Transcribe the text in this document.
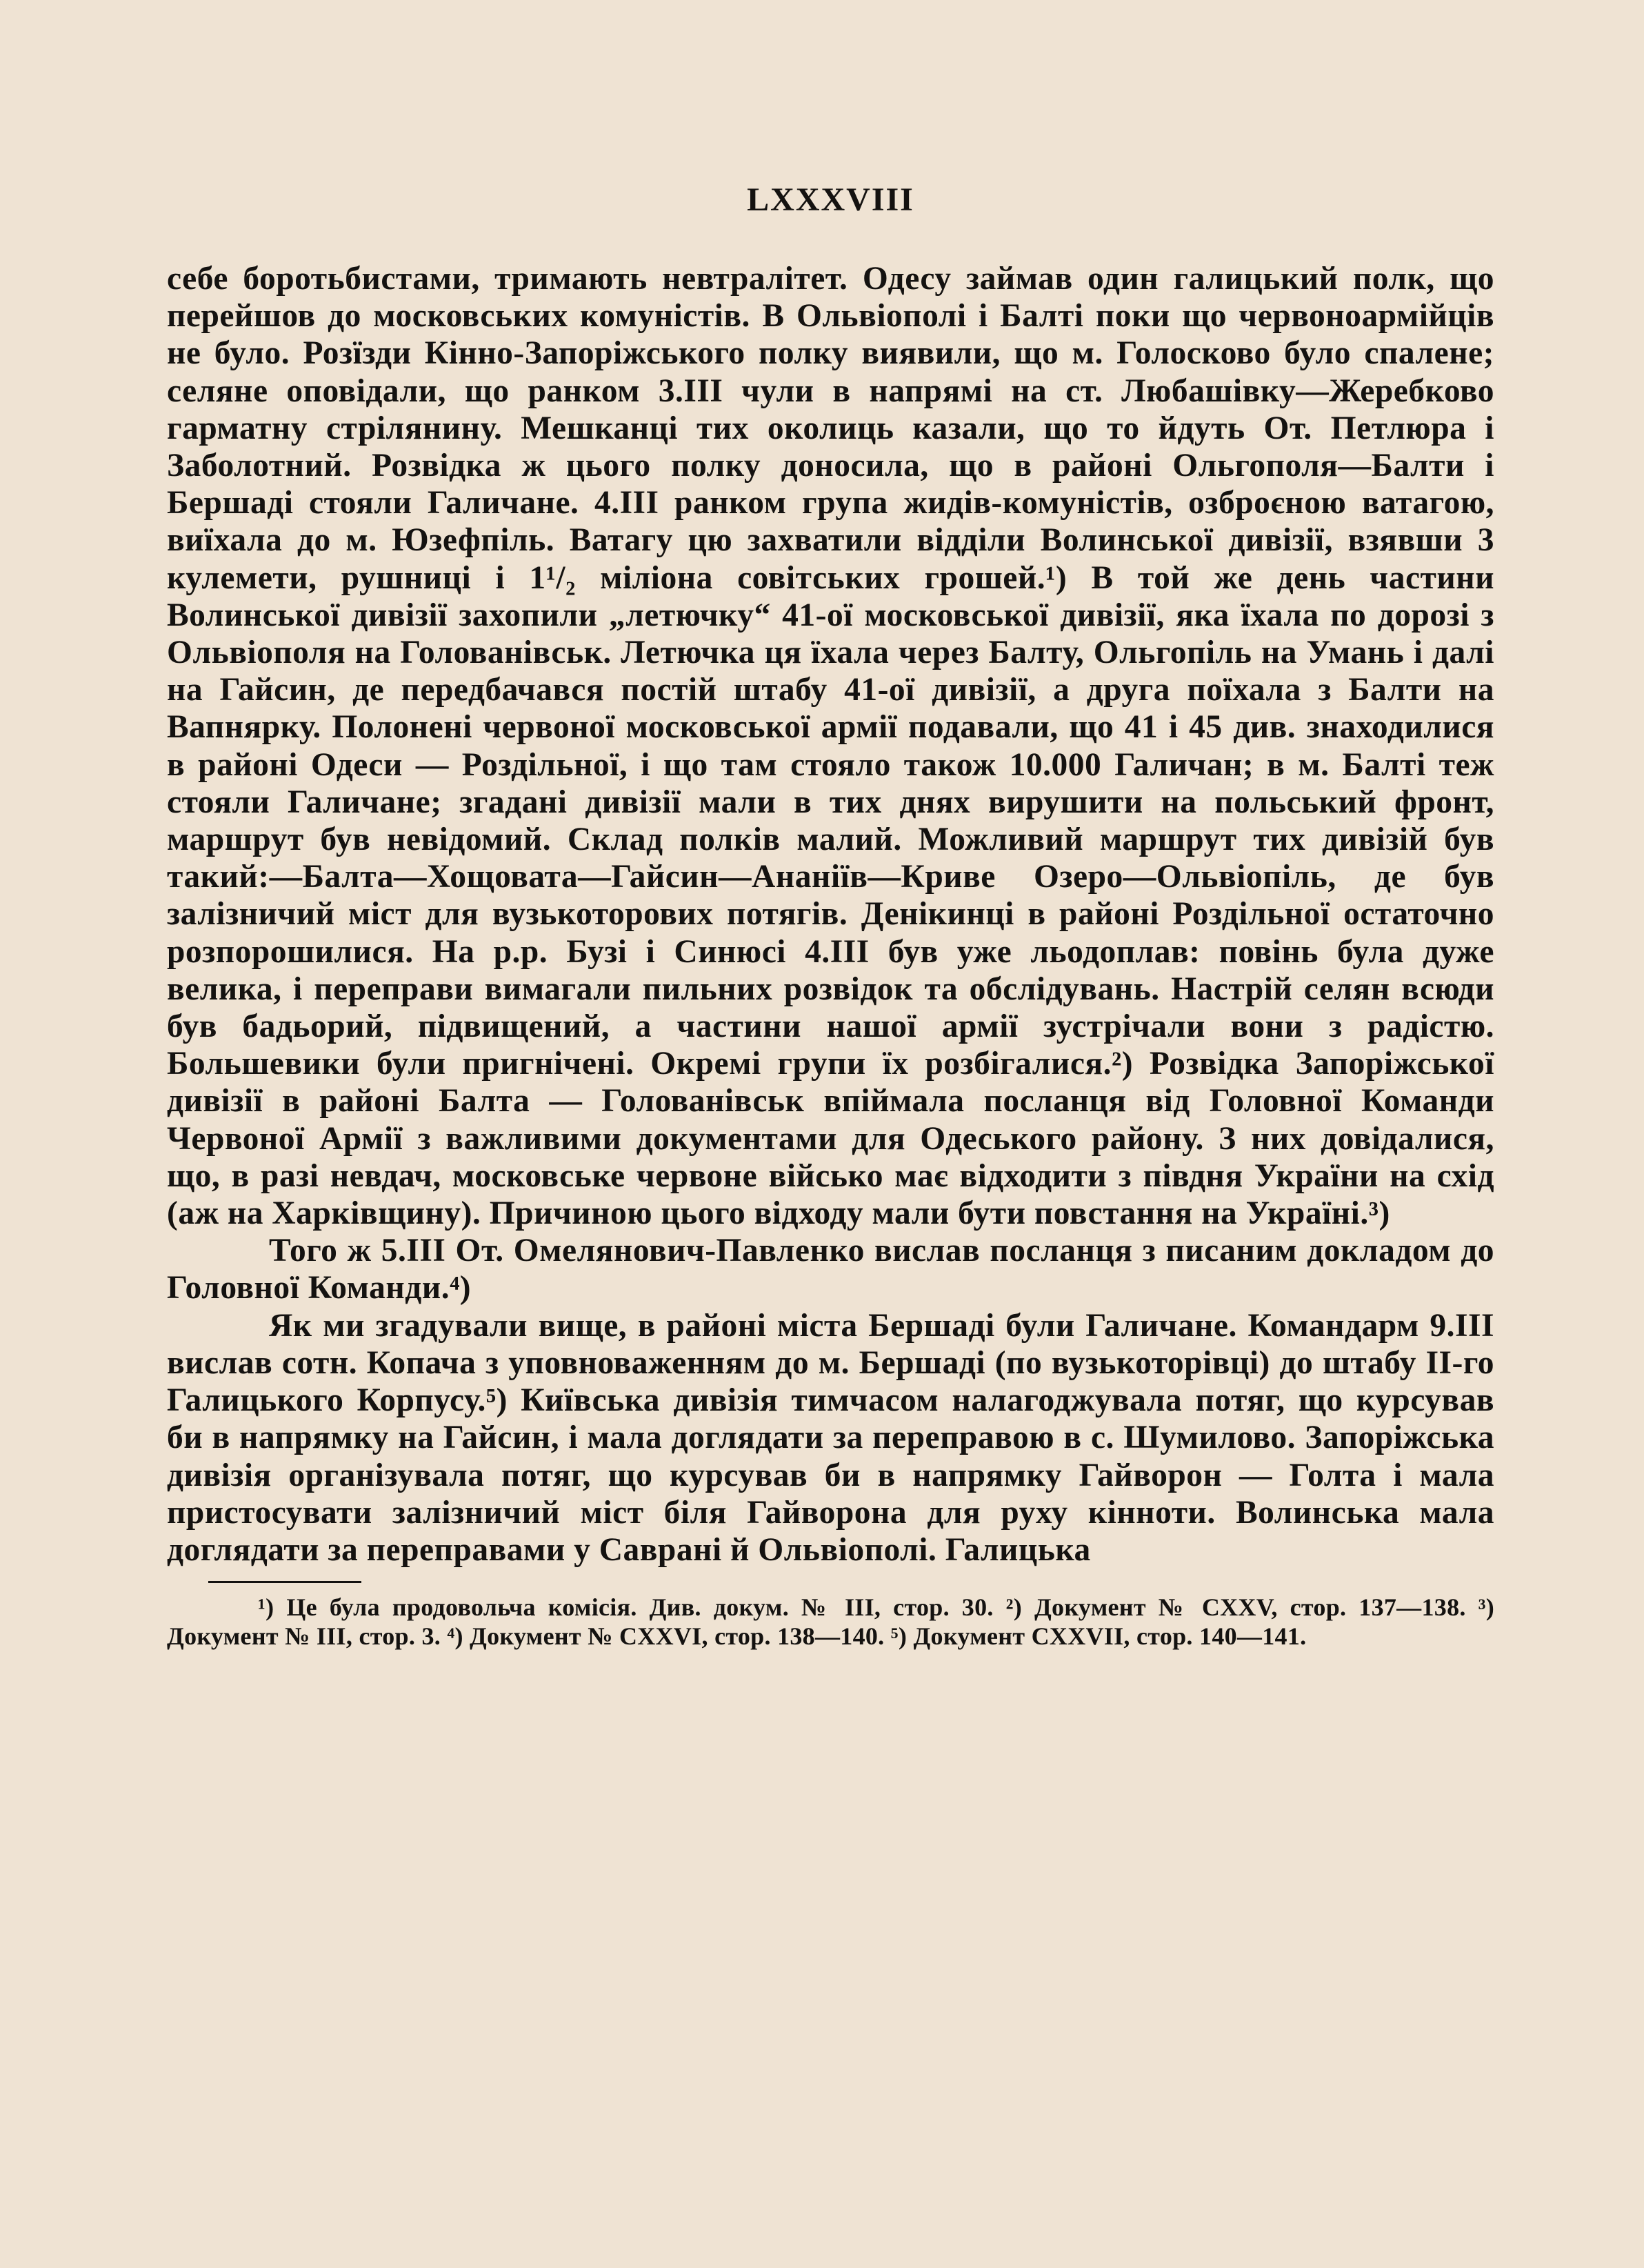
LXXXVIII

себе боротьбистами, тримають невтралітет. Одесу займав один галицький полк, що перейшов до московських комуністів. В Ольвіополі і Балті поки що червоноармійців не було. Розїзди Кінно-Запоріжського полку виявили, що м. Голосково було спалене; селяне оповідали, що ранком 3.III чули в напрямі на ст. Любашівку—Жеребково гарматну стрілянину. Мешканці тих околиць казали, що то йдуть От. Петлюра і Заболотний. Розвідка ж цього полку доносила, що в районі Ольгополя—Балти і Бершаді стояли Галичане. 4.III ранком група жидів-комуністів, озброєною ватагою, виїхала до м. Юзефпіль. Ватагу цю захватили відділи Волинської дивізії, взявши 3 кулемети, рушниці і 1¹/₂ міліона совітських грошей.¹) В той же день частини Волинської дивізії захопили „летючку“ 41-ої московської дивізії, яка їхала по дорозі з Ольвіополя на Голованівськ. Летючка ця їхала через Балту, Ольгопіль на Умань і далі на Гайсин, де передбачався постій штабу 41-ої дивізії, а друга поїхала з Балти на Вапнярку. Полонені червоної московської армії подавали, що 41 і 45 див. знаходилися в районі Одеси — Роздільної, і що там стояло також 10.000 Галичан; в м. Балті теж стояли Галичане; згадані дивізії мали в тих днях вирушити на польський фронт, маршрут був невідомий. Склад полків малий. Можливий маршрут тих дивізій був такий:—Балта—Хощовата—Гайсин—Ананіїв—Криве Озеро—Ольвіопіль, де був залізничий міст для вузькоторових потягів. Денікинці в районі Роздільної остаточно розпорошилися. На р.р. Бузі і Синюсі 4.III був уже льодоплав: повінь була дуже велика, і переправи вимагали пильних розвідок та обслідувань. Настрій селян всюди був бадьорий, підвищений, а частини нашої армії зустрічали вони з радістю. Большевики були пригнічені. Окремі групи їх розбігалися.²) Розвідка Запоріжської дивізії в районі Балта — Голованівськ впіймала посланця від Головної Команди Червоної Армії з важливими документами для Одеського району. З них довідалися, що, в разі невдач, московське червоне військо має відходити з півдня України на схід (аж на Харківщину). Причиною цього відходу мали бути повстання на Україні.³)

Того ж 5.III От. Омелянович-Павленко вислав посланця з писаним докладом до Головної Команди.⁴)

Як ми згадували вище, в районі міста Бершаді були Галичане. Командарм 9.III вислав сотн. Копача з уповноваженням до м. Бершаді (по вузькоторівці) до штабу II-го Галицького Корпусу.⁵) Київська дивізія тимчасом налагоджувала потяг, що курсував би в напрямку на Гайсин, і мала доглядати за переправою в с. Шумилово. Запоріжська дивізія організувала потяг, що курсував би в напрямку Гайворон — Голта і мала пристосувати залізничий міст біля Гайворона для руху кінноти. Волинська мала доглядати за переправами у Саврані й Ольвіополі. Галицька

¹) Це була продовольча комісія. Див. докум. № III, стор. 30. ²) Документ № CXXV, стор. 137—138. ³) Документ № III, стор. 3. ⁴) Документ № CXXVI, стор. 138—140. ⁵) Документ CXXVII, стор. 140—141.
